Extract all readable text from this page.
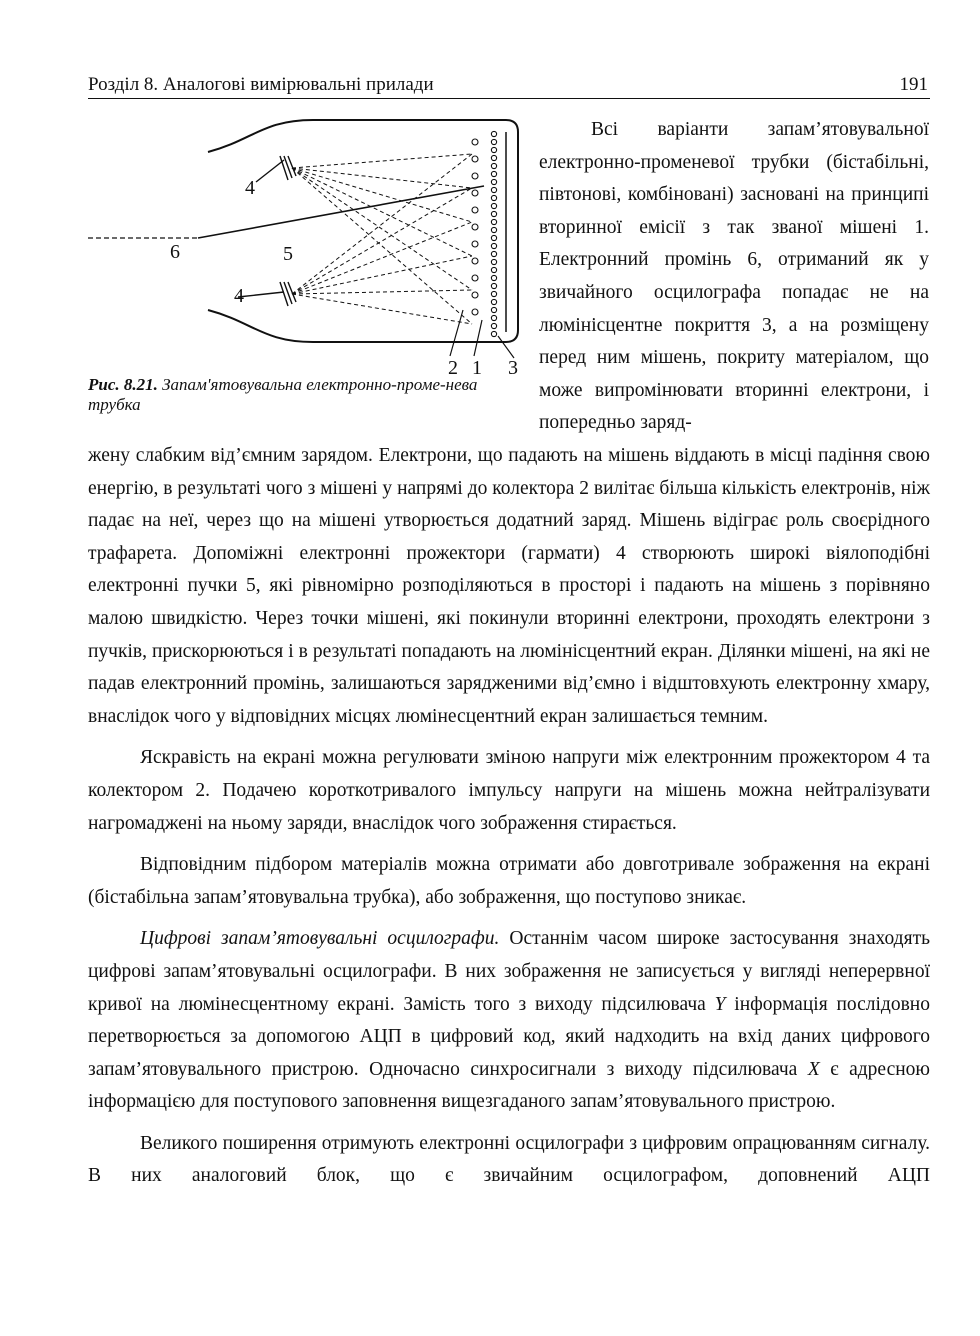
Розділ 8. Аналогові вимірювальні прилади	191
4
6	5
4
2 1 3
Рис. 8.21. Запам'ятовувальна електронно-проме-нева трубка

Всі варіанти запам’ятовувальної електронно-променевої трубки (бістабільні, півтонові, комбіновані) засновані на принципі вторинної емісії з так званої мішені 1. Електронний промінь 6, отриманий як у звичайного осцилографа попадає не на люмінісцентне покриття 3, а на розміщену перед ним мішень, покриту матеріалом, що може випромінювати вторинні електрони, і попередньо заряд-

жену слабким від’ємним зарядом. Електрони, що падають на мішень віддають в місці падіння свою енергію, в результаті чого з мішені у напрямі до колектора 2 вилітає більша кількість електронів, ніж падає на неї, через що на мішені утворюється додатний заряд. Мішень відіграє роль своєрідного трафарета. Допоміжні електронні прожектори (гармати) 4 створюють широкі віялоподібні електронні пучки 5, які рівномірно розподіляються в просторі і падають на мішень з порівняно малою швидкістю. Через точки мішені, які покинули вторинні електрони, проходять електрони з пучків, прискорюються і в результаті попадають на люмінісцентний екран. Ділянки мішені, на які не падав електронний промінь, залишаються зарядженими від’ємно і відштовхують електронну хмару, внаслідок чого у відповідних місцях люмінесцентний екран залишається темним.

Яскравість на екрані можна регулювати зміною напруги між електронним прожектором 4 та колектором 2. Подачею короткотривалого імпульсу напруги на мішень можна нейтралізувати нагромаджені на ньому заряди, внаслідок чого зображення стирається.

Відповідним підбором матеріалів можна отримати або довготривале зображення на екрані (бістабільна запам’ятовувальна трубка), або зображення, що поступово зникає.

Цифрові запам’ятовувальні осцилографи. Останнім часом широке застосування знаходять цифрові запам’ятовувальні осцилографи. В них зображення не записується у вигляді неперервної кривої на люмінесцентному екрані. Замість того з виходу підсилювача Y інформація послідовно перетворюється за допомогою АЦП в цифровий код, який надходить на вхід даних цифрового запам’ятовувального пристрою. Одночасно синхросигнали з виходу підсилювача X є адресною інформацією для поступового заповнення вищезгаданого запам’ятовувального пристрою.

Великого поширення отримують електронні осцилографи з цифровим опрацюванням сигналу. В них аналоговий блок, що є звичайним осцилографом, доповнений АЦП
